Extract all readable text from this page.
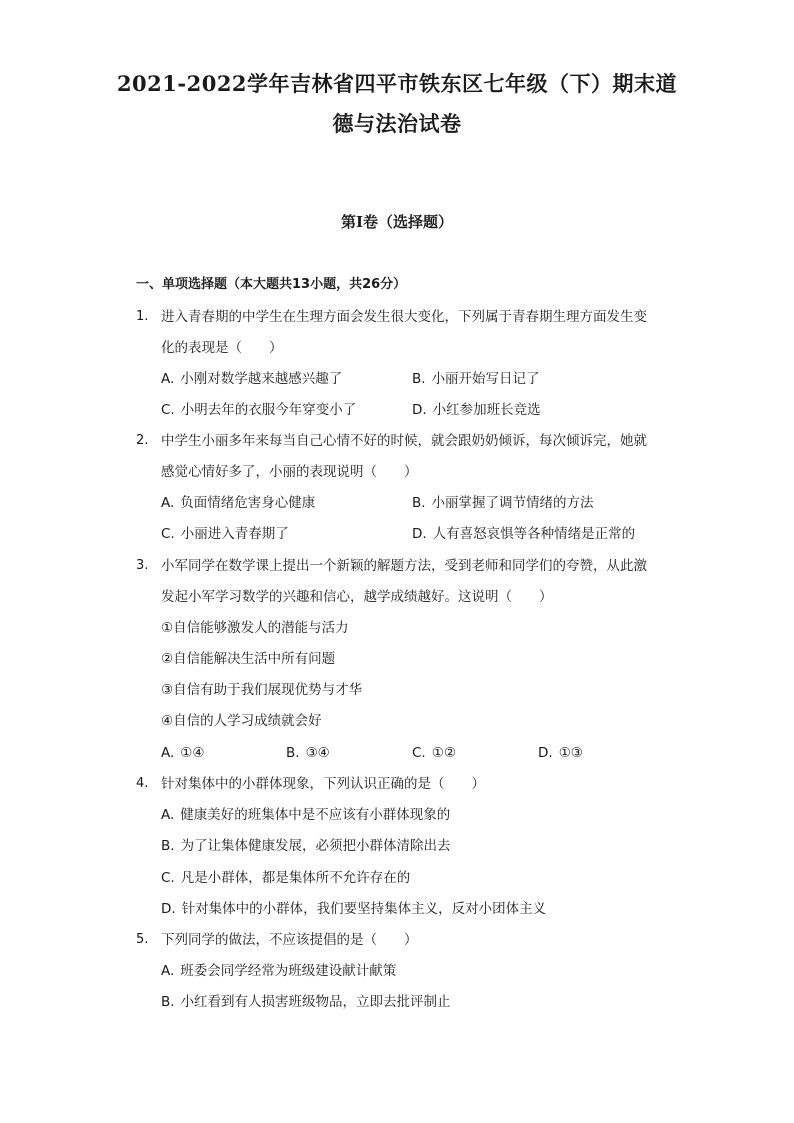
2021-2022学年吉林省四平市铁东区七年级（下）期末道
德与法治试卷
第I卷（选择题）
一、单项选择题（本大题共13小题，共26分）
1. 进入青春期的中学生在生理方面会发生很大变化，下列属于青春期生理方面发生变
化的表现是（　　）
A. 小刚对数学越来越感兴趣了	B. 小丽开始写日记了
C. 小明去年的衣服今年穿变小了	D. 小红参加班长竞选
2. 中学生小丽多年来每当自己心情不好的时候，就会跟奶奶倾诉，每次倾诉完，她就
感觉心情好多了，小丽的表现说明（　　）
A. 负面情绪危害身心健康	B. 小丽掌握了调节情绪的方法
C. 小丽进入青春期了	D. 人有喜怒哀惧等各种情绪是正常的
3. 小军同学在数学课上提出一个新颖的解题方法，受到老师和同学们的夸赞，从此激
发起小军学习数学的兴趣和信心，越学成绩越好。这说明（　　）
①自信能够激发人的潜能与活力
②自信能解决生活中所有问题
③自信有助于我们展现优势与才华
④自信的人学习成绩就会好
A. ①④	B. ③④	C. ①②	D. ①③
4. 针对集体中的小群体现象，下列认识正确的是（　　）
A. 健康美好的班集体中是不应该有小群体现象的
B. 为了让集体健康发展，必须把小群体清除出去
C. 凡是小群体，都是集体所不允许存在的
D. 针对集体中的小群体，我们要坚持集体主义，反对小团体主义
5. 下列同学的做法，不应该提倡的是（　　）
A. 班委会同学经常为班级建设献计献策
B. 小红看到有人损害班级物品，立即去批评制止
